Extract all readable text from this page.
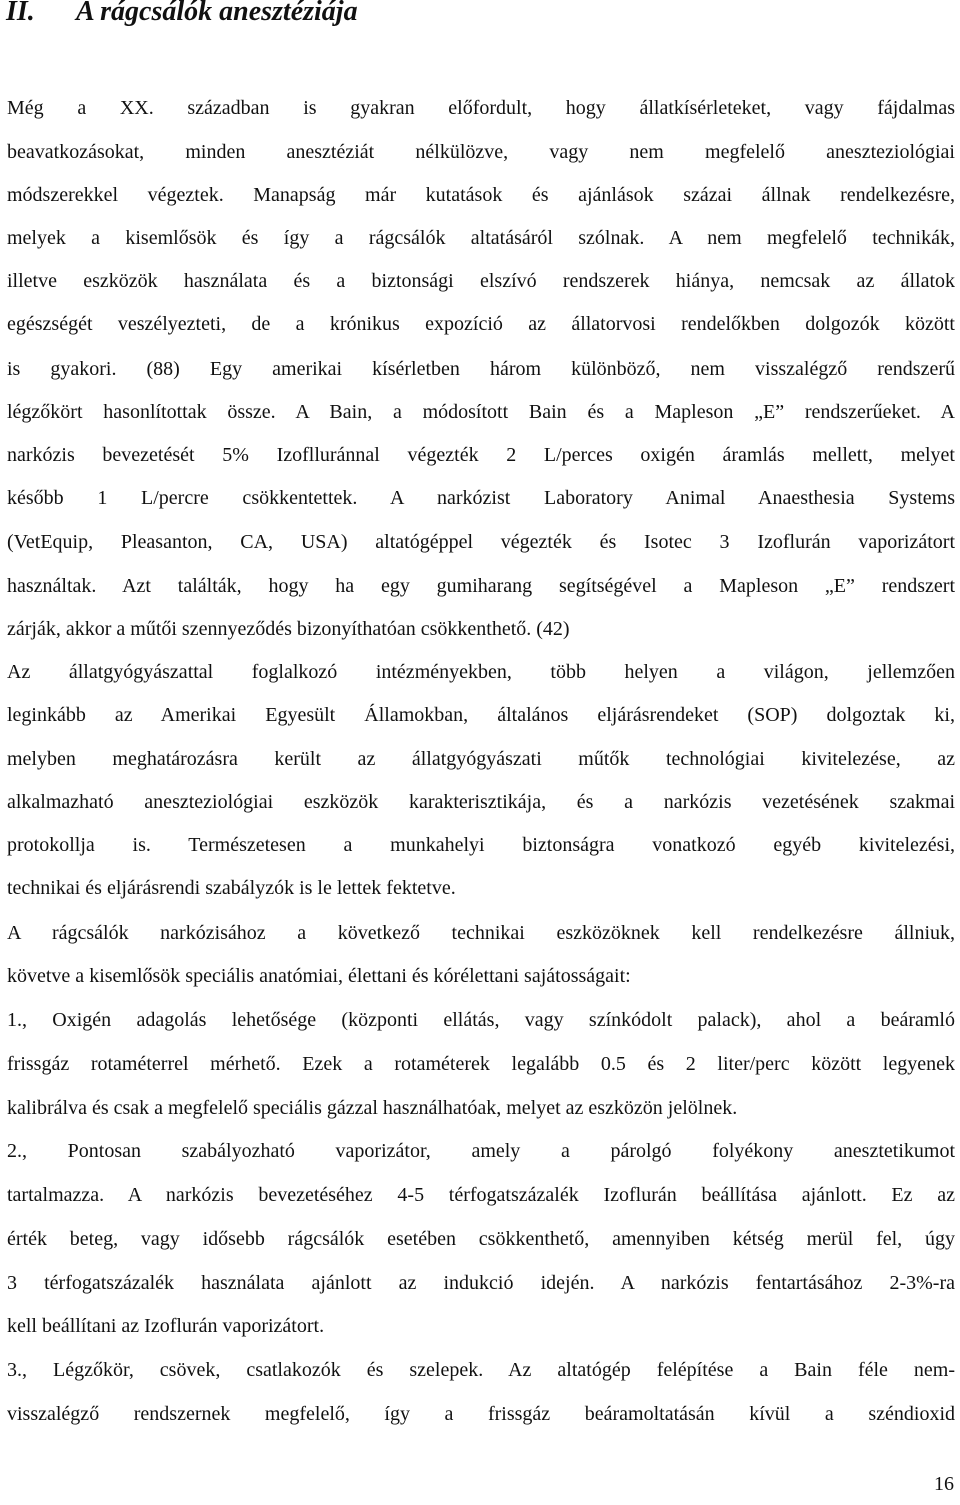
II. A rágcsálók anesztéziája
Még a XX. században is gyakran előfordult, hogy állatkísérleteket, vagy fájdalmas
beavatkozásokat, minden anesztéziát nélkülözve, vagy nem megfelelő aneszteziológiai
módszerekkel végeztek. Manapság már kutatások és ajánlások százai állnak rendelkezésre,
melyek a kisemlősök és így a rágcsálók altatásáról szólnak. A nem megfelelő technikák,
illetve eszközök használata és a biztonsági elszívó rendszerek hiánya, nemcsak az állatok
egészségét veszélyezteti, de a krónikus expozíció az állatorvosi rendelőkben dolgozók között
is gyakori. (88) Egy amerikai kísérletben három különböző, nem visszalégző rendszerű
légzőkört hasonlítottak össze. A Bain, a módosított Bain és a Mapleson „E” rendszerűeket. A
narkózis bevezetését 5% Izoflluránnal végezték 2 L/perces oxigén áramlás mellett, melyet
később 1 L/percre csökkentettek. A narkózist Laboratory Animal Anaesthesia Systems
(VetEquip, Pleasanton, CA, USA) altatógéppel végezték és Isotec 3 Izoflurán vaporizátort
használtak. Azt találták, hogy ha egy gumiharang segítségével a Mapleson „E” rendszert
zárják, akkor a műtői szennyeződés bizonyíthatóan csökkenthető. (42)
Az állatgyógyászattal foglalkozó intézményekben, több helyen a világon, jellemzően
leginkább az Amerikai Egyesült Államokban, általános eljárásrendeket (SOP) dolgoztak ki,
melyben meghatározásra került az állatgyógyászati műtők technológiai kivitelezése, az
alkalmazható aneszteziológiai eszközök karakterisztikája, és a narkózis vezetésének szakmai
protokollja is. Természetesen a munkahelyi biztonságra vonatkozó egyéb kivitelezési,
technikai és eljárásrendi szabályzók is le lettek fektetve.
A rágcsálók narkózisához a következő technikai eszközöknek kell rendelkezésre állniuk,
követve a kisemlősök speciális anatómiai, élettani és kórélettani sajátosságait:
1., Oxigén adagolás lehetősége (központi ellátás, vagy színkódolt palack), ahol a beáramló
frissgáz rotaméterrel mérhető. Ezek a rotaméterek legalább 0.5 és 2 liter/perc között legyenek
kalibrálva és csak a megfelelő speciális gázzal használhatóak, melyet az eszközön jelölnek.
2., Pontosan szabályozható vaporizátor, amely a párolgó folyékony anesztetikumot
tartalmazza. A narkózis bevezetéséhez 4-5 térfogatszázalék Izoflurán beállítása ajánlott. Ez az
érték beteg, vagy idősebb rágcsálók esetében csökkenthető, amennyiben kétség merül fel, úgy
3 térfogatszázalék használata ajánlott az indukció idején. A narkózis fentartásához 2-3%-ra
kell beállítani az Izoflurán vaporizátort.
3., Légzőkör, csövek, csatlakozók és szelepek. Az altatógép felépítése a Bain féle nem-
visszalégző rendszernek megfelelő, így a frissgáz beáramoltatásán kívül a széndioxid
16
